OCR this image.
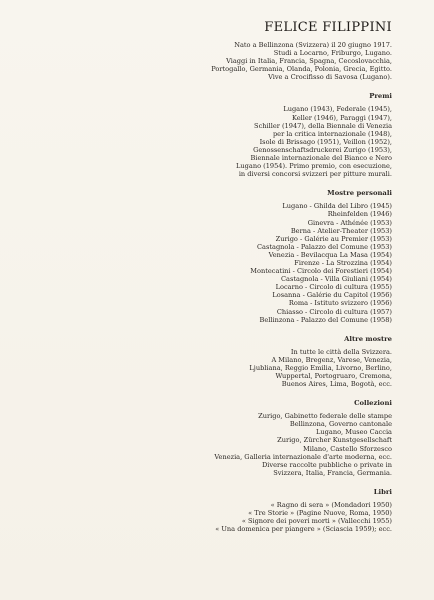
FELICE FILIPPINI
Nato a Bellinzona (Svizzera) il 20 giugno 1917.
Studi a Locarno, Friburgo, Lugano.
Viaggi in Italia, Francia, Spagna, Cecoslovacchia,
Portogallo, Germania, Olanda, Polonia, Grecia, Egitto.
Vive a Crocifisso di Savosa (Lugano).
Premi
Lugano (1943), Federale (1945),
Keller (1946), Paraggi (1947),
Schiller (1947), della Biennale di Venezia
per la critica internazionale (1948),
Isole di Brissago (1951), Veillon (1952),
Genossenschaftsdruckerei Zurigo (1953),
Biennale internazionale del Bianco e Nero
Lugano (1954). Primo premio, con esecuzione,
in diversi concorsi svizzeri per pitture murali.
Mostre personali
Lugano - Ghilda del Libro (1945)
Rheinfelden (1946)
Ginevra - Athénée (1953)
Berna - Atelier-Theater (1953)
Zurigo - Galérie au Premier (1953)
Castagnola - Palazzo del Comune (1953)
Venezia - Bevilacqua La Masa (1954)
Firenze - La Strozzina (1954)
Montecatini - Circolo dei Forestieri (1954)
Castagnola - Villa Giuliani (1954)
Locarno - Circolo di cultura (1955)
Losanna - Galérie du Capitol (1956)
Roma - Istituto svizzero (1956)
Chiasso - Circolo di cultura (1957)
Bellinzona - Palazzo del Comune (1958)
Altre mostre
In tutte le città della Svizzera.
A Milano, Bregenz, Varese, Venezia,
Ljubliana, Reggio Emilia, Livorno, Berlino,
Wuppertal, Portogruaro, Cremona,
Buenos Aires, Lima, Bogotà, ecc.
Collezioni
Zurigo, Gabinetto federale delle stampe
Bellinzona, Governo cantonale
Lugano, Museo Caccia
Zurigo, Zürcher Kunstgesellschaft
Milano, Castello Sforzesco
Venezia, Galleria internazionale d'arte moderna, ecc.
Diverse raccolte pubbliche o private in
Svizzera, Italia, Francia, Germania.
Libri
« Ragno di sera » (Mondadori 1950)
« Tre Storie » (Pagine Nuove, Roma, 1950)
« Signore dei poveri morti » (Vallecchi 1955)
« Una domenica per piangere » (Sciascia 1959); ecc.
